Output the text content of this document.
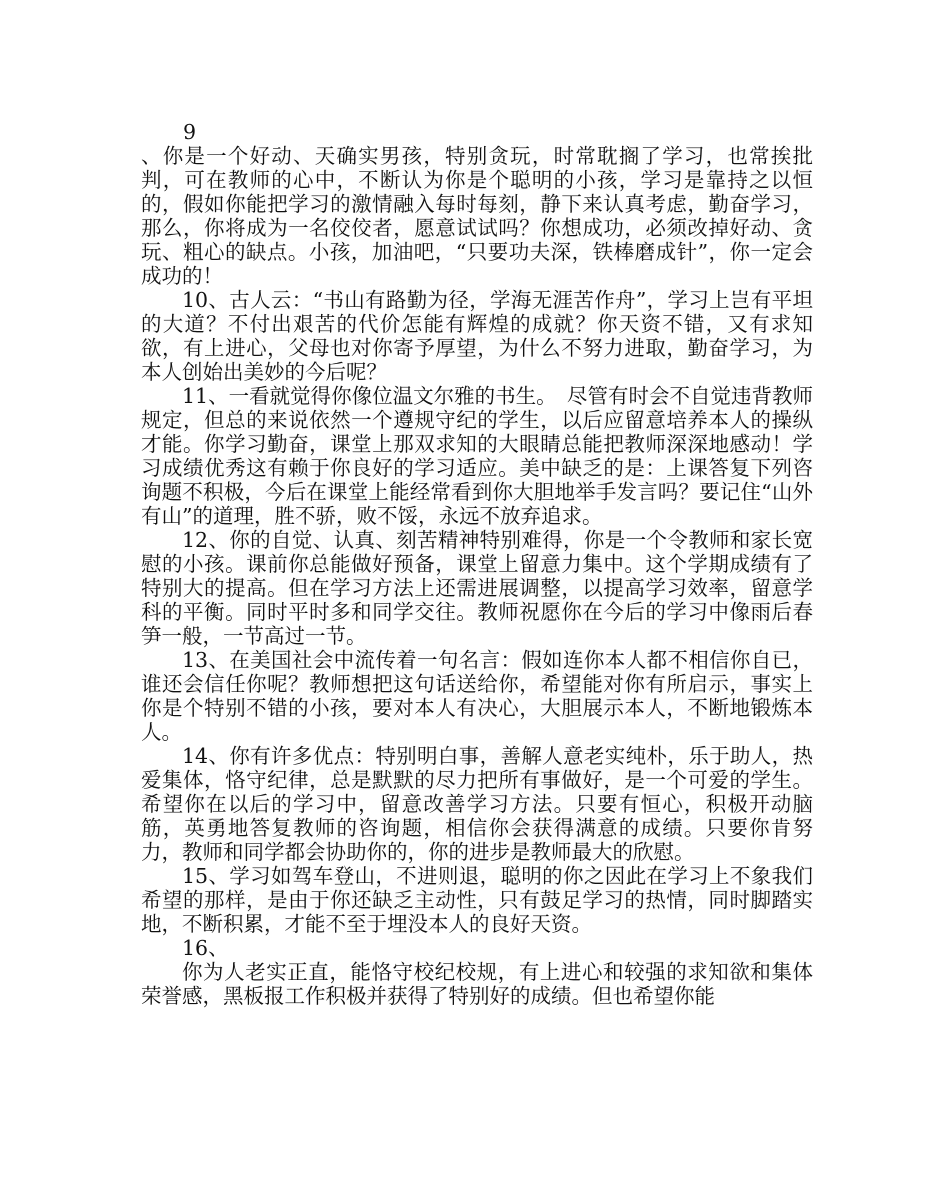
9

、你是一个好动、天确实男孩，特别贪玩，时常耽搁了学习，也常挨批判，可在教师的心中，不断认为你是个聪明的小孩，学习是靠持之以恒的，假如你能把学习的激情融入每时每刻，静下来认真考虑，勤奋学习，那么，你将成为一名佼佼者，愿意试试吗？你想成功，必须改掉好动、贪玩、粗心的缺点。小孩，加油吧，“只要功夫深，铁棒磨成针”，你一定会成功的！

10、古人云：“书山有路勤为径，学海无涯苦作舟”，学习上岂有平坦的大道？不付出艰苦的代价怎能有辉煌的成就？你天资不错，又有求知欲，有上进心，父母也对你寄予厚望，为什么不努力进取，勤奋学习，为本人创始出美妙的今后呢？

11、一看就觉得你像位温文尔雅的书生。　尽管有时会不自觉违背教师规定，但总的来说依然一个遵规守纪的学生，以后应留意培养本人的操纵才能。你学习勤奋，课堂上那双求知的大眼睛总能把教师深深地感动！学习成绩优秀这有赖于你良好的学习适应。美中缺乏的是：上课答复下列咨询题不积极，今后在课堂上能经常看到你大胆地举手发言吗？要记住“山外有山”的道理，胜不骄，败不馁，永远不放弃追求。

12、你的自觉、认真、刻苦精神特别难得，你是一个令教师和家长宽慰的小孩。课前你总能做好预备，课堂上留意力集中。这个学期成绩有了特别大的提高。但在学习方法上还需进展调整，以提高学习效率，留意学科的平衡。同时平时多和同学交往。教师祝愿你在今后的学习中像雨后春笋一般，一节高过一节。

13、在美国社会中流传着一句名言：假如连你本人都不相信你自已，谁还会信任你呢？教师想把这句话送给你，希望能对你有所启示，事实上你是个特别不错的小孩，要对本人有决心，大胆展示本人，不断地锻炼本人。

14、你有许多优点：特别明白事，善解人意老实纯朴，乐于助人，热爱集体，恪守纪律，总是默默的尽力把所有事做好，是一个可爱的学生。希望你在以后的学习中，留意改善学习方法。只要有恒心，积极开动脑筋，英勇地答复教师的咨询题，相信你会获得满意的成绩。只要你肯努力，教师和同学都会协助你的，你的进步是教师最大的欣慰。

15、学习如驾车登山，不进则退，聪明的你之因此在学习上不象我们希望的那样，是由于你还缺乏主动性，只有鼓足学习的热情，同时脚踏实地，不断积累，才能不至于埋没本人的良好天资。

16、

你为人老实正直，能恪守校纪校规，有上进心和较强的求知欲和集体荣誉感，黑板报工作积极并获得了特别好的成绩。但也希望你能
